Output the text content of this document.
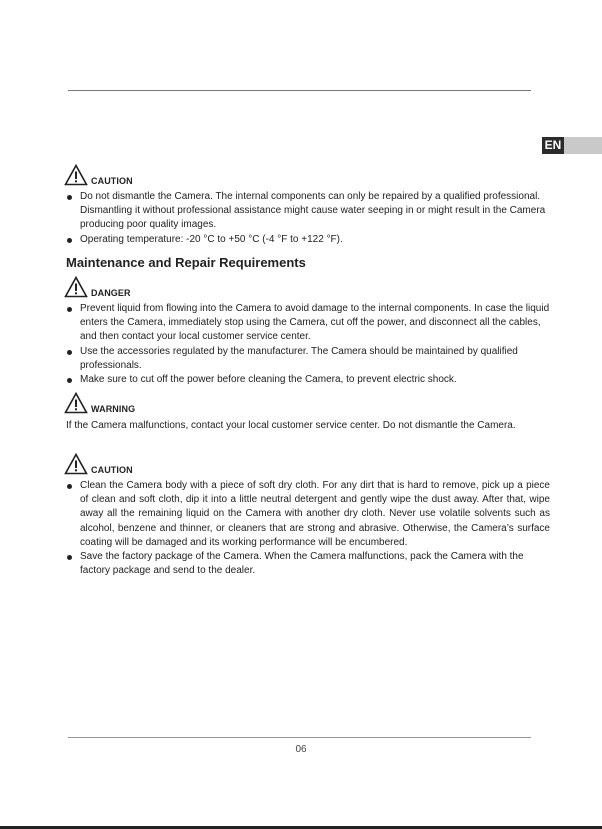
EN
CAUTION
Do not dismantle the Camera. The internal components can only be repaired by a qualified professional. Dismantling it without professional assistance might cause water seeping in or might result in the Camera producing poor quality images.
Operating temperature: -20 °C to +50 °C (-4 °F to +122 °F).
Maintenance and Repair Requirements
DANGER
Prevent liquid from flowing into the Camera to avoid damage to the internal components. In case the liquid enters the Camera, immediately stop using the Camera, cut off the power, and disconnect all the cables, and then contact your local customer service center.
Use the accessories regulated by the manufacturer. The Camera should be maintained by qualified professionals.
Make sure to cut off the power before cleaning the Camera, to prevent electric shock.
WARNING

If the Camera malfunctions, contact your local customer service center. Do not dismantle the Camera.

CAUTION
Clean the Camera body with a piece of soft dry cloth. For any dirt that is hard to remove, pick up a piece of clean and soft cloth, dip it into a little neutral detergent and gently wipe the dust away. After that, wipe away all the remaining liquid on the Camera with another dry cloth. Never use volatile solvents such as alcohol, benzene and thinner, or cleaners that are strong and abrasive. Otherwise, the Camera’s surface coating will be damaged and its working performance will be encumbered.
Save the factory package of the Camera. When the Camera malfunctions, pack the Camera with the factory package and send to the dealer.
06
